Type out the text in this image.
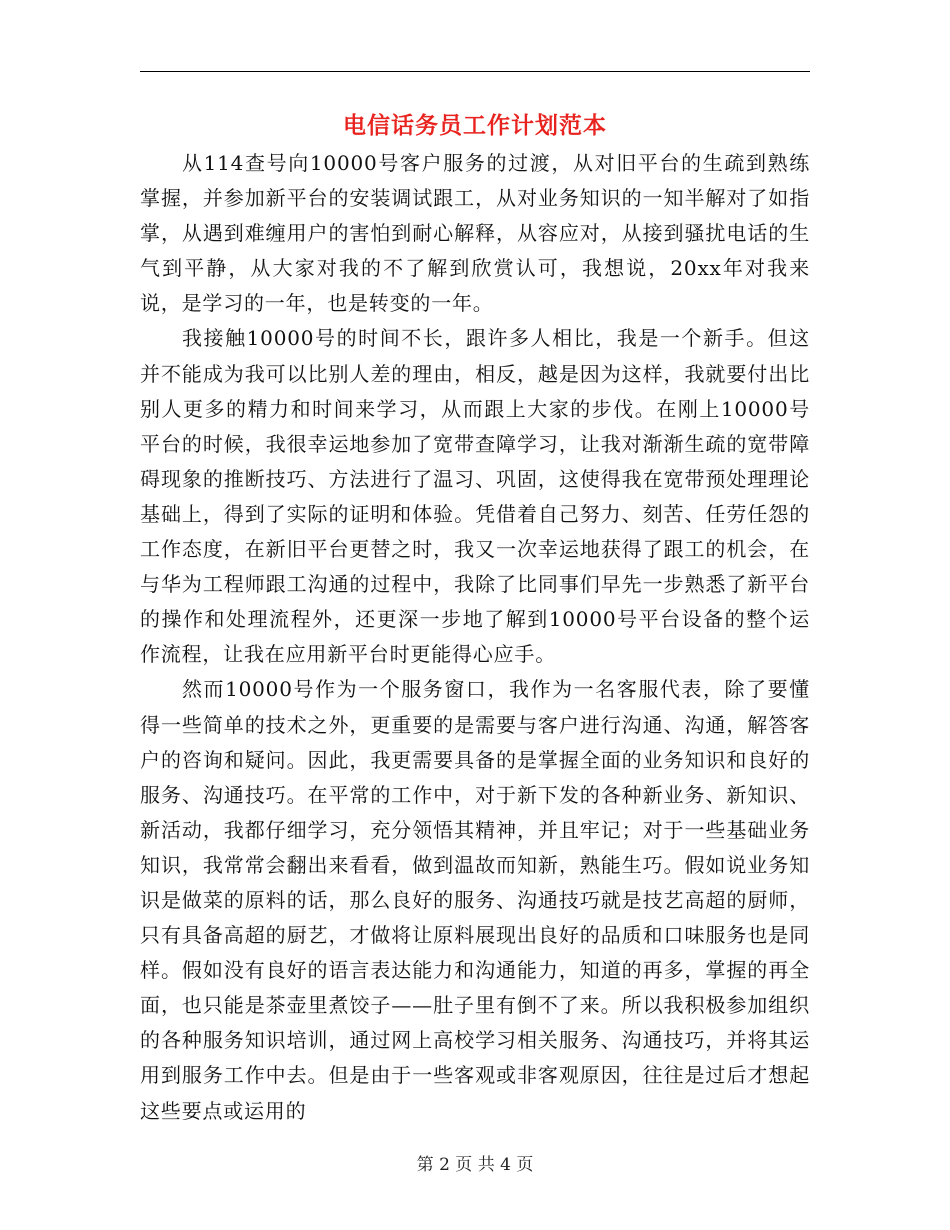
电信话务员工作计划范本

从114查号向10000号客户服务的过渡，从对旧平台的生疏到熟练掌握，并参加新平台的安装调试跟工，从对业务知识的一知半解对了如指掌，从遇到难缠用户的害怕到耐心解释，从容应对，从接到骚扰电话的生气到平静，从大家对我的不了解到欣赏认可，我想说，20xx年对我来说，是学习的一年，也是转变的一年。

我接触10000号的时间不长，跟许多人相比，我是一个新手。但这并不能成为我可以比别人差的理由，相反，越是因为这样，我就要付出比别人更多的精力和时间来学习，从而跟上大家的步伐。在刚上10000号平台的时候，我很幸运地参加了宽带查障学习，让我对渐渐生疏的宽带障碍现象的推断技巧、方法进行了温习、巩固，这使得我在宽带预处理理论基础上，得到了实际的证明和体验。凭借着自己努力、刻苦、任劳任怨的工作态度，在新旧平台更替之时，我又一次幸运地获得了跟工的机会，在与华为工程师跟工沟通的过程中，我除了比同事们早先一步熟悉了新平台的操作和处理流程外，还更深一步地了解到10000号平台设备的整个运作流程，让我在应用新平台时更能得心应手。

然而10000号作为一个服务窗口，我作为一名客服代表，除了要懂得一些简单的技术之外，更重要的是需要与客户进行沟通、沟通，解答客户的咨询和疑问。因此，我更需要具备的是掌握全面的业务知识和良好的服务、沟通技巧。在平常的工作中，对于新下发的各种新业务、新知识、新活动，我都仔细学习，充分领悟其精神，并且牢记；对于一些基础业务知识，我常常会翻出来看看，做到温故而知新，熟能生巧。假如说业务知识是做菜的原料的话，那么良好的服务、沟通技巧就是技艺高超的厨师，只有具备高超的厨艺，才做将让原料展现出良好的品质和口味服务也是同样。假如没有良好的语言表达能力和沟通能力，知道的再多，掌握的再全面，也只能是茶壶里煮饺子——肚子里有倒不了来。所以我积极参加组织的各种服务知识培训，通过网上高校学习相关服务、沟通技巧，并将其运用到服务工作中去。但是由于一些客观或非客观原因，往往是过后才想起这些要点或运用的

第 2 页 共 4 页
